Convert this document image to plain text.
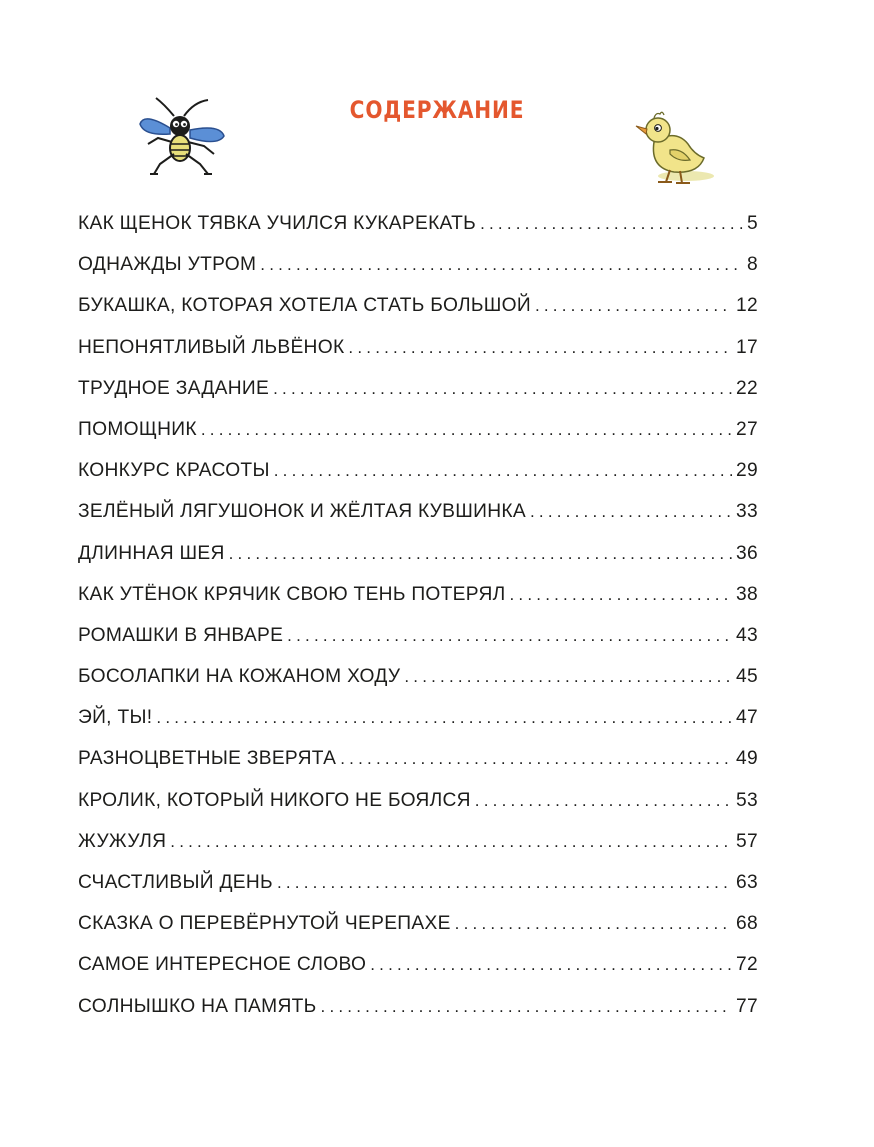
СОДЕРЖАНИЕ
КАК ЩЕНОК ТЯВКА УЧИЛСЯ КУКАРЕКАТЬ .....	5
ОДНАЖДЫ УТРОМ .....	8
БУКАШКА, КОТОРАЯ ХОТЕЛА СТАТЬ БОЛЬШОЙ .....	12
НЕПОНЯТЛИВЫЙ ЛЬВЁНОК .....	17
ТРУДНОЕ ЗАДАНИЕ .....	22
ПОМОЩНИК .....	27
КОНКУРС КРАСОТЫ .....	29
ЗЕЛЁНЫЙ ЛЯГУШОНОК И ЖЁЛТАЯ КУВШИНКА .....	33
ДЛИННАЯ ШЕЯ .....	36
КАК УТЁНОК КРЯЧИК СВОЮ ТЕНЬ ПОТЕРЯЛ .....	38
РОМАШКИ В ЯНВАРЕ .....	43
БОСОЛАПКИ НА КОЖАНОМ ХОДУ .....	45
ЭЙ, ТЫ! .....	47
РАЗНОЦВЕТНЫЕ ЗВЕРЯТА .....	49
КРОЛИК, КОТОРЫЙ НИКОГО НЕ БОЯЛСЯ .....	53
ЖУЖУЛЯ .....	57
СЧАСТЛИВЫЙ ДЕНЬ .....	63
СКАЗКА О ПЕРЕВЁРНУТОЙ ЧЕРЕПАХЕ .....	68
САМОЕ ИНТЕРЕСНОЕ СЛОВО .....	72
СОЛНЫШКО НА ПАМЯТЬ .....	77
